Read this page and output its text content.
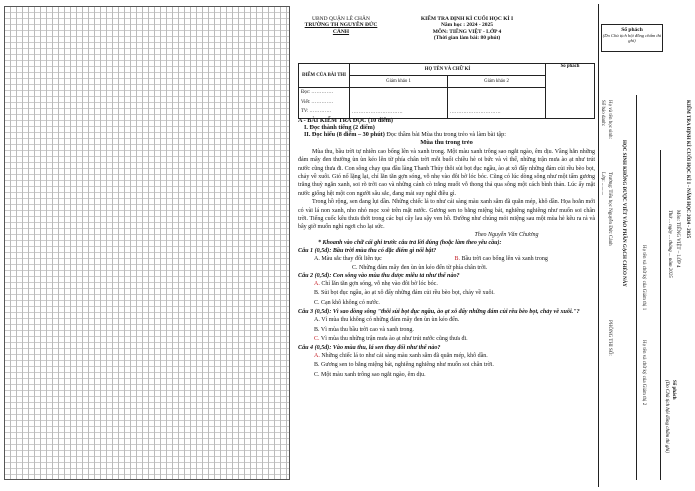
UBND QUẬN LÊ CHÂN
TRƯỜNG TH NGUYỄN ĐỨC CẢNH
KIỂM TRA ĐỊNH KÌ CUỐI HỌC KÌ I
Năm học : 2024 - 2025
MÔN: TIẾNG VIỆT - LỚP 4
(Thời gian làm bài: 80 phút)
Số phách
(Do Chủ tịch hội đồng chấm thi ghi)
ĐIỂM CỦA BÀI THI	HỌ TÊN VÀ CHỮ KÍ		Số phách
	Giám khảo 1	Giám khảo 2	

Đọc: .............
Viết: .............
TV: .............	..............................	..............................	
A - BÀI KIỂM TRA ĐỌC (10 điểm)
I. Đọc thành tiếng (2 điểm)
II. Đọc hiểu (8 điểm – 30 phút) Đọc thầm bài Mùa thu trong trẻo và làm bài tập:
Mùa thu trong trẻo
Mùa thu, bầu trời tự nhiên cao bổng lên và xanh trong. Một màu xanh trông sao ngắt ngào, êm dịu. Vầng hắn những đám mây đen thường ùn ùn kéo lên từ phía chân trời mỗi buổi chiều hè oi bức và vì thế, những trận mưa ào ạt như trút nước cũng thưa đi. Con sông chạy qua đầu làng Thanh Thủy thôi sủi bọt đục ngầu, ào ạt xô đẩy những đám củi rều bèo bọt, chảy về xuôi. Gió nổ lặng lại, chỉ lăn tăn gợn sóng, vỗ nhẹ vào đôi bờ lóc bóc. Cũng có lúc dòng sông như một tấm gương trăng thuỳ ngăn xanh, soi rõ trời cao và những cánh cò trắng muốt vỗ thong thả qua sông một cách bình thản. Lúc ấy mặt nước giống hệt một con người sâu sắc, đang mải suy nghĩ điều gì.
Trong hồ rộng, sen đang lụi dần. Những chiếc lá to như cái sàng màu xanh sẫm đã quăn mép, khô dần. Họa hoằn mới có vài lá non xanh, nho nhỏ mọc xoè trên mặt nước. Gương sen to bằng miệng bát, nghiêng nghiêng như muốn soi chân trời. Tiếng cuốc kêu thưa thớt trong các bụi cây lau sậy ven hồ. Đường như chúng mỏi miệng sau một mùa hè kêu ra rả và bây giờ muốn nghỉ ngơi cho lại sức.
Theo Nguyễn Văn Chương
* Khoanh vào chữ cái ghi trước câu trả lời đúng (hoặc làm theo yêu cầu):
Câu 1 (0,5đ): Bầu trời mùa thu có đặc điểm gì nổi bật?
A. Màu sắc thay đổi liên tục	B. Bầu trời cao bổng lên và xanh trong
C. Những đám mây đen ùn ùn kéo đến từ phía chân trời.
Câu 2 (0,5đ): Con sông vào mùa thu được miêu tả như thế nào?
A. Chỉ lăn tăn gợn sóng, vỗ nhẹ vào đôi bờ lóc bóc.
B. Sủi bọt đục ngầu, ào ạt xô đẩy những đám củi rều bèo bọt, chảy về xuôi.
C. Cạn khô không có nước.
Câu 3 (0,5đ): Vì sao dòng sông "thôi sủi bọt đục ngầu, ào ạt xô đẩy những đám củi rều bèo bọt, chảy về xuôi."?
A. Vì mùa thu không có những đám mây đen ùn ùn kéo đến.
B. Vì mùa thu bầu trời cao và xanh trong.
C. Vì mùa thu những trận mưa ào ạt như trút nước cũng thưa đi.
Câu 4 (0,5đ): Vào mùa thu, lá sen thay đổi như thế nào?
A. Những chiếc lá to như cái sàng màu xanh sẫm đã quăn mép, khô dần.
B. Gương sen to bằng miệng bát, nghiêng nghiêng như muốn soi chân trời.
C. Một màu xanh trông sao ngắt ngào, êm dịu.
KIỂM TRA ĐỊNH KÌ CUỐI HỌC KÌ I - NĂM HỌC 2024 - 2025
Môn: TIẾNG VIỆT – LỚP 4
Thứ ... ngày ... tháng ... năm 2025
Họ và tên học sinh:
Trường: Tiểu học Nguyễn Đức Cảnh
PHÒNG THI SỐ:
Số báo danh:
Lớp: ..........
Họ tên và chữ ký của Giám thị 1
Họ tên và chữ ký của Giám thị 2
HỌC SINH KHÔNG ĐƯỢC VIẾT VÀO PHẦN GẠCH CHÉO NÀY
Số phách
(Do Chủ tịch hội đồng chấm thi ghi)
